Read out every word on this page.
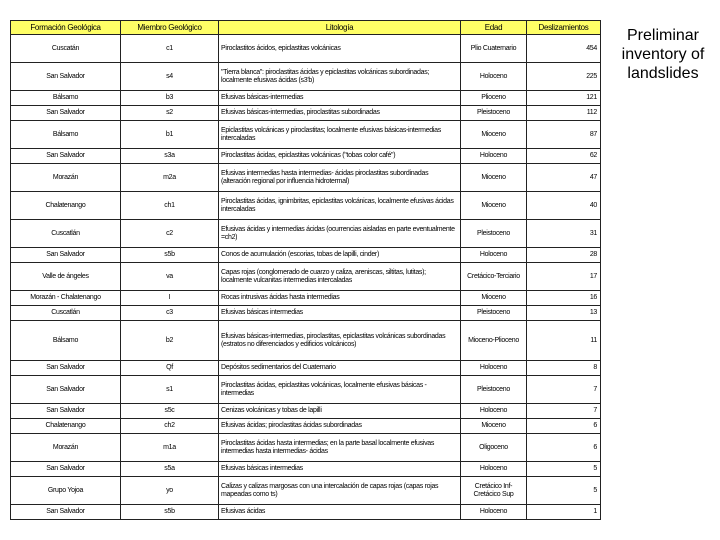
Formación Geológica	Miembro Geológico	Litología	Edad	Deslizamientos
Cuscatán	c1	Piroclastitos ácidos, epiclastitas volcánicas	Plio Cuaternario	454
San Salvador	s4	"Tierra blanca": piroclastitas ácidas y epiclastitas volcánicas subordinadas; localmente efusivas ácidas (s3'b)	Holoceno	225
Bálsamo	b3	Efusivas básicas-intermedias	Plioceno	121
San Salvador	s2	Efusivas básicas-intermedias, piroclastitas subordinadas	Pleistoceno	112
Bálsamo	b1	Epiclastitas volcánicas y piroclastitas; localmente efusivas básicas-intermedias intercaladas	Mioceno	87
San Salvador	s3a	Piroclastitas ácidas, epiclastitas volcánicas ("tobas color café")	Holoceno	62
Morazán	m2a	Efusivas intermedias hasta intermedias- ácidas piroclastitas subordinadas (alteración regional por influencia hidrotermal)	Mioceno	47
Chalatenango	ch1	Piroclastitas ácidas, ignimbritas, epiclastitas volcánicas, localmente efusivas ácidas intercaladas	Mioceno	40
Cuscatlán	c2	Efusivas ácidas y intermedias ácidas (ocurrencias aisladas en parte eventualmente =ch2)	Pleistoceno	31
San Salvador	s5b	Conos de acumulación (escorias, tobas de lapilli, cinder)	Holoceno	28
Valle de ángeles	va	Capas rojas (conglomerado de cuarzo y caliza, areniscas, siltitas, lutitas); localmente vulcanitas intermedias intercaladas	Cretácico-Terciario	17
Morazán - Chalatenango	I	Rocas intrusivas ácidas hasta intermedias	Mioceno	16
Cuscatlán	c3	Efusivas básicas intermedias	Pleistoceno	13
Bálsamo	b2	Efusivas básicas-intermedias, piroclastitas, epiclastitas volcánicas subordinadas (estratos no diferenciados y edificios volcánicos)	Mioceno-Plioceno	11
San Salvador	Qf	Depósitos sedimentarios del Cuaternario	Holoceno	8
San Salvador	s1	Piroclastitas ácidas, epiclastitas volcánicas, localmente efusivas básicas -intermedias	Pleistoceno	7
San Salvador	s5c	Cenizas volcánicas y tobas de lapilli	Holoceno	7
Chalatenango	ch2	Efusivas ácidas; piroclastitas ácidas subordinadas	Mioceno	6
Morazán	m1a	Piroclastitas ácidas hasta intermedias; en la parte basal localmente efusivas intermedias hasta intermedias- ácidas	Oligoceno	6
San Salvador	s5a	Efusivas básicas intermedias	Holoceno	5
Grupo Yojoa	yo	Calizas y calizas margosas con una intercalación de capas rojas (capas rojas mapeadas como ts)	Cretácico Inf-Cretácico Sup	5
San Salvador	s5b	Efusivas ácidas	Holoceno	1
Preliminar inventory of landslides
